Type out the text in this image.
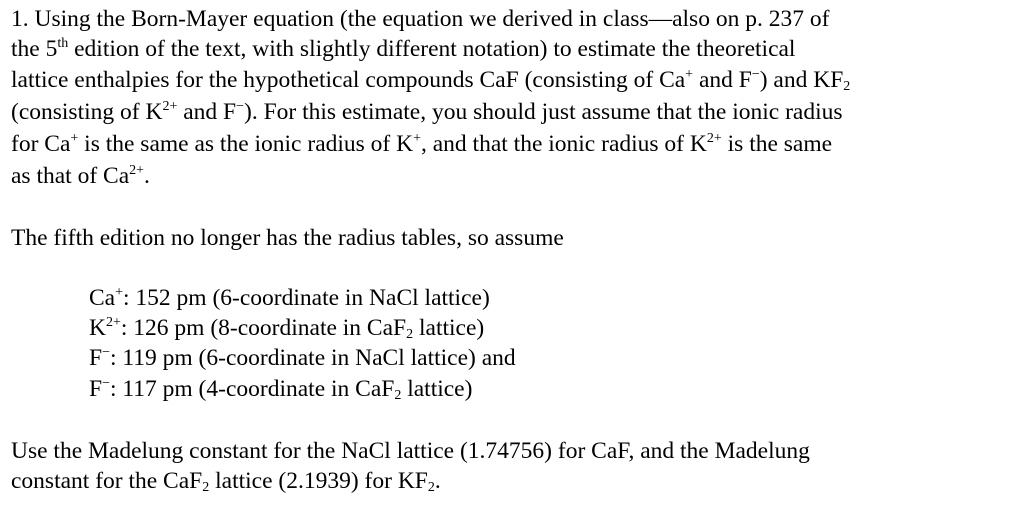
1. Using the Born-Mayer equation (the equation we derived in class—also on p. 237 of
the 5th edition of the text, with slightly different notation) to estimate the theoretical
lattice enthalpies for the hypothetical compounds CaF (consisting of Ca+ and F−) and $KF_2$
(consisting of $K^{2+}$ and F−). For this estimate, you should just assume that the ionic radius
for Ca+ is the same as the ionic radius of K+, and that the ionic radius of $K^{2+}$ is the same
as that of $Ca^{2+}$.
The fifth edition no longer has the radius tables, so assume
Ca+: 152 pm (6-coordinate in NaCl lattice)
$K^{2+}$: 126 pm (8-coordinate in CaF$_2$ lattice)
F−: 119 pm (6-coordinate in NaCl lattice) and
F−: 117 pm (4-coordinate in CaF$_2$ lattice)
Use the Madelung constant for the NaCl lattice (1.74756) for CaF, and the Madelung
constant for the CaF$_2$ lattice (2.1939) for $KF_2$.
